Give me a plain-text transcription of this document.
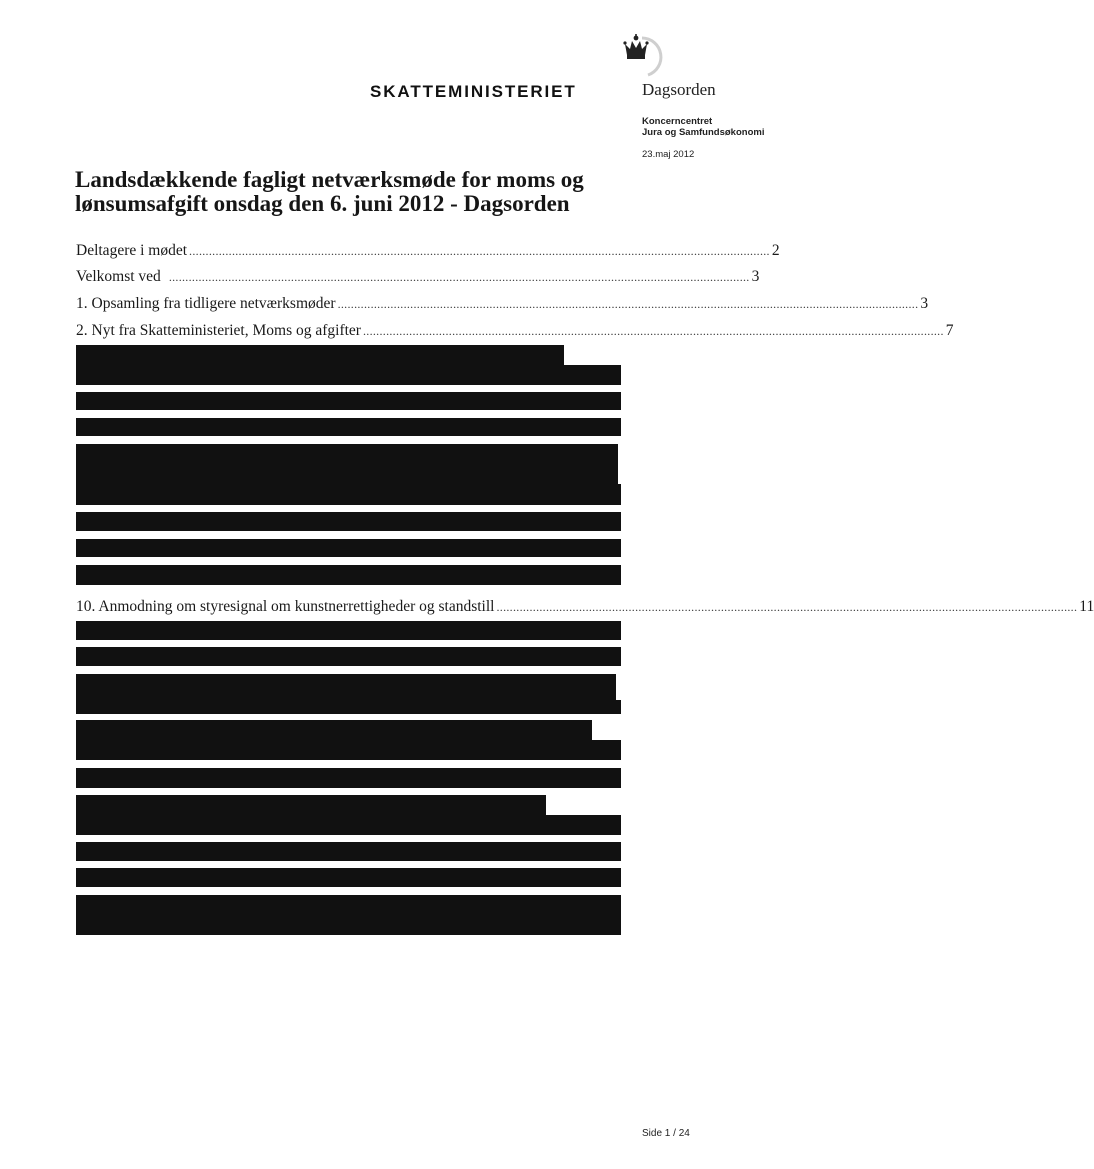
SKATTEMINISTERIET	Dagsorden
Koncerncentret
Jura og Samfundsøkonomi
23.maj 2012
Landsdækkende fagligt netværksmøde for moms og lønsumsafgift onsdag den 6. juni 2012 - Dagsorden
Deltagere i mødet ................................................................................................................................................................................ 2
Velkomst ved ................................................................................................................................................................................ 3
1. Opsamling fra tidligere netværksmøder ................................................................................................................................................................................ 3
2. Nyt fra Skatteministeriet, Moms og afgifter ................................................................................................................................................................................ 7
10. Anmodning om styresignal om kunstnerrettigheder og standstill ................................................................................................................................................................................ 11
Side 1 / 24
